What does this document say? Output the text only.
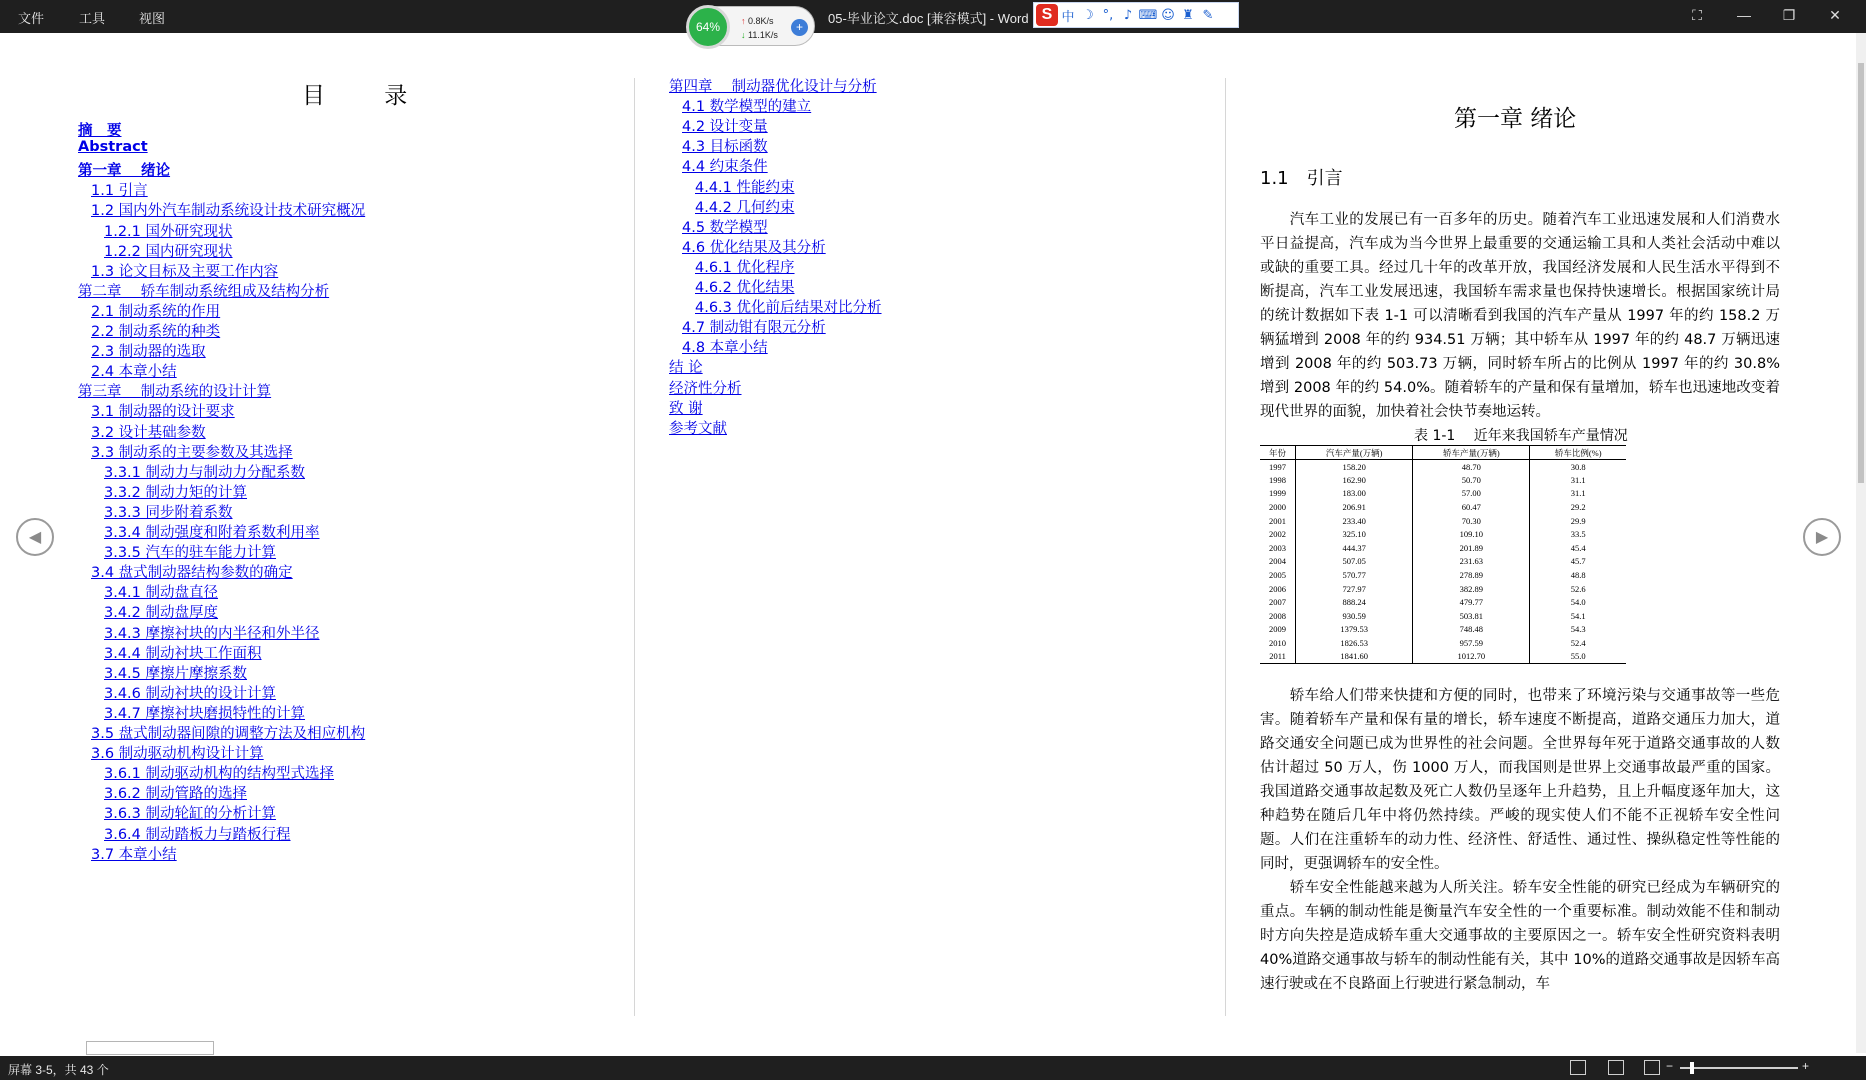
文件	工具	视图	05-毕业论文.doc [兼容模式] - Word S 中 ☽ °, ♪ ⌨ ☺ ♜ ✎	⛶	— ❐ ✕
64%	↑ 0.8K/s
↓ 11.1K/s
+
目 录
摘　要
Abstract
第一章　 绪论
1.1 引言
1.2 国内外汽车制动系统设计技术研究概况
1.2.1 国外研究现状
1.2.2 国内研究现状
1.3 论文目标及主要工作内容
第二章　 轿车制动系统组成及结构分析
2.1 制动系统的作用
2.2 制动系统的种类
2.3 制动器的选取
2.4 本章小结
第三章　 制动系统的设计计算
3.1 制动器的设计要求
3.2 设计基础参数
3.3 制动系的主要参数及其选择
3.3.1 制动力与制动力分配系数
3.3.2 制动力矩的计算
3.3.3 同步附着系数
3.3.4 制动强度和附着系数利用率
3.3.5 汽车的驻车能力计算
3.4 盘式制动器结构参数的确定
3.4.1 制动盘直径
3.4.2 制动盘厚度
3.4.3 摩擦衬块的内半径和外半径
3.4.4 制动衬块工作面积
3.4.5 摩擦片摩擦系数
3.4.6 制动衬块的设计计算
3.4.7 摩擦衬块磨损特性的计算
3.5 盘式制动器间隙的调整方法及相应机构
3.6 制动驱动机构设计计算
3.6.1 制动驱动机构的结构型式选择
3.6.2 制动管路的选择
3.6.3 制动轮缸的分析计算
3.6.4 制动踏板力与踏板行程
3.7 本章小结
第四章　 制动器优化设计与分析
4.1 数学模型的建立
4.2 设计变量
4.3 目标函数
4.4 约束条件
4.4.1 性能约束
4.4.2 几何约束
4.5 数学模型
4.6 优化结果及其分析
4.6.1 优化程序
4.6.2 优化结果
4.6.3 优化前后结果对比分析
4.7 制动钳有限元分析
4.8 本章小结
结 论
经济性分析
致 谢
参考文献
第一章 绪论
1.1　引言
　　汽车工业的发展已有一百多年的历史。随着汽车工业迅速发展和人们消费水平日益提高，汽车成为当今世界上最重要的交通运输工具和人类社会活动中难以或缺的重要工具。经过几十年的改革开放，我国经济发展和人民生活水平得到不断提高，汽车工业发展迅速，我国轿车需求量也保持快速增长。根据国家统计局的统计数据如下表 1-1 可以清晰看到我国的汽车产量从 1997 年的约 158.2 万辆猛增到 2008 年的约 934.51 万辆；其中轿车从 1997 年的约 48.7 万辆迅速增到 2008 年的约 503.73 万辆，同时轿车所占的比例从 1997 年的约 30.8%增到 2008 年的约 54.0%。随着轿车的产量和保有量增加，轿车也迅速地改变着现代世界的面貌，加快着社会快节奏地运转。
表 1-1　 近年来我国轿车产量情况
年份	汽车产量(万辆)	轿车产量(万辆)	轿车比例(%)
1997	158.20	48.70	30.8
1998	162.90	50.70	31.1
1999	183.00	57.00	31.1
2000	206.91	60.47	29.2
2001	233.40	70.30	29.9
2002	325.10	109.10	33.5
2003	444.37	201.89	45.4
2004	507.05	231.63	45.7
2005	570.77	278.89	48.8
2006	727.97	382.89	52.6
2007	888.24	479.77	54.0
2008	930.59	503.81	54.1
2009	1379.53	748.48	54.3
2010	1826.53	957.59	52.4
2011	1841.60	1012.70	55.0
　　轿车给人们带来快捷和方便的同时，也带来了环境污染与交通事故等一些危害。随着轿车产量和保有量的增长，轿车速度不断提高，道路交通压力加大，道路交通安全问题已成为世界性的社会问题。全世界每年死于道路交通事故的人数估计超过 50 万人，伤 1000 万人，而我国则是世界上交通事故最严重的国家。我国道路交通事故起数及死亡人数仍呈逐年上升趋势，且上升幅度逐年加大，这种趋势在随后几年中将仍然持续。严峻的现实使人们不能不正视轿车安全性问题。人们在注重轿车的动力性、经济性、舒适性、通过性、操纵稳定性等性能的同时，更强调轿车的安全性。
　　轿车安全性能越来越为人所关注。轿车安全性能的研究已经成为车辆研究的重点。车辆的制动性能是衡量汽车安全性的一个重要标准。制动效能不佳和制动时方向失控是造成轿车重大交通事故的主要原因之一。轿车安全性研究资料表明 40%道路交通事故与轿车的制动性能有关，其中 10%的道路交通事故是因轿车高速行驶或在不良路面上行驶进行紧急制动，车
◀	▶
屏幕 3-5，共 43 个	−	+
